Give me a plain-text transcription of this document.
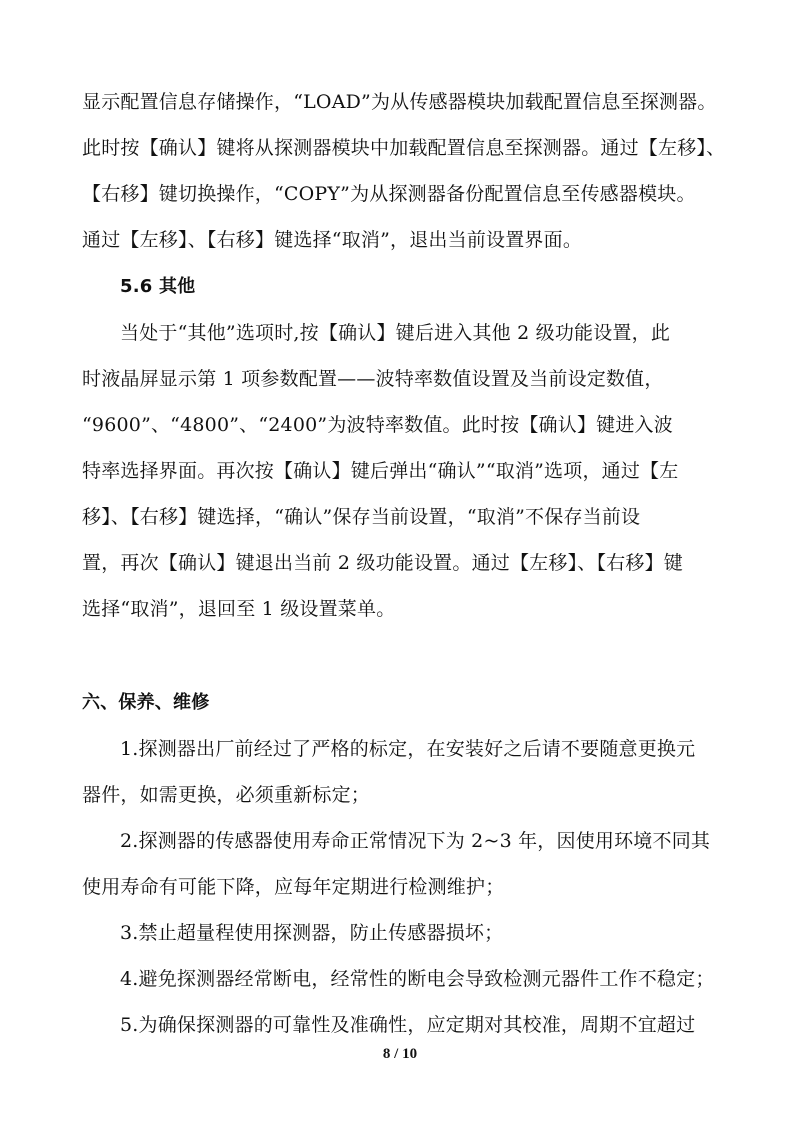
显示配置信息存储操作，“LOAD”为从传感器模块加载配置信息至探测器。
此时按【确认】键将从探测器模块中加载配置信息至探测器。通过【左移】、
【右移】键切换操作，“COPY”为从探测器备份配置信息至传感器模块。
通过【左移】、【右移】键选择“取消”，退出当前设置界面。
5.6 其他
当处于“其他”选项时,按【确认】键后进入其他 2 级功能设置，此
时液晶屏显示第 1 项参数配置——波特率数值设置及当前设定数值，
“9600”、“4800”、“2400”为波特率数值。此时按【确认】键进入波
特率选择界面。再次按【确认】键后弹出“确认”“取消”选项，通过【左
移】、【右移】键选择，“确认”保存当前设置，“取消”不保存当前设
置，再次【确认】键退出当前 2 级功能设置。通过【左移】、【右移】键
选择“取消”，退回至 1 级设置菜单。
六、保养、维修
1.探测器出厂前经过了严格的标定，在安装好之后请不要随意更换元
器件，如需更换，必须重新标定；
2.探测器的传感器使用寿命正常情况下为 2~3 年，因使用环境不同其
使用寿命有可能下降，应每年定期进行检测维护；
3.禁止超量程使用探测器，防止传感器损坏；
4.避免探测器经常断电，经常性的断电会导致检测元器件工作不稳定；
5.为确保探测器的可靠性及准确性，应定期对其校准，周期不宜超过
8 / 10
